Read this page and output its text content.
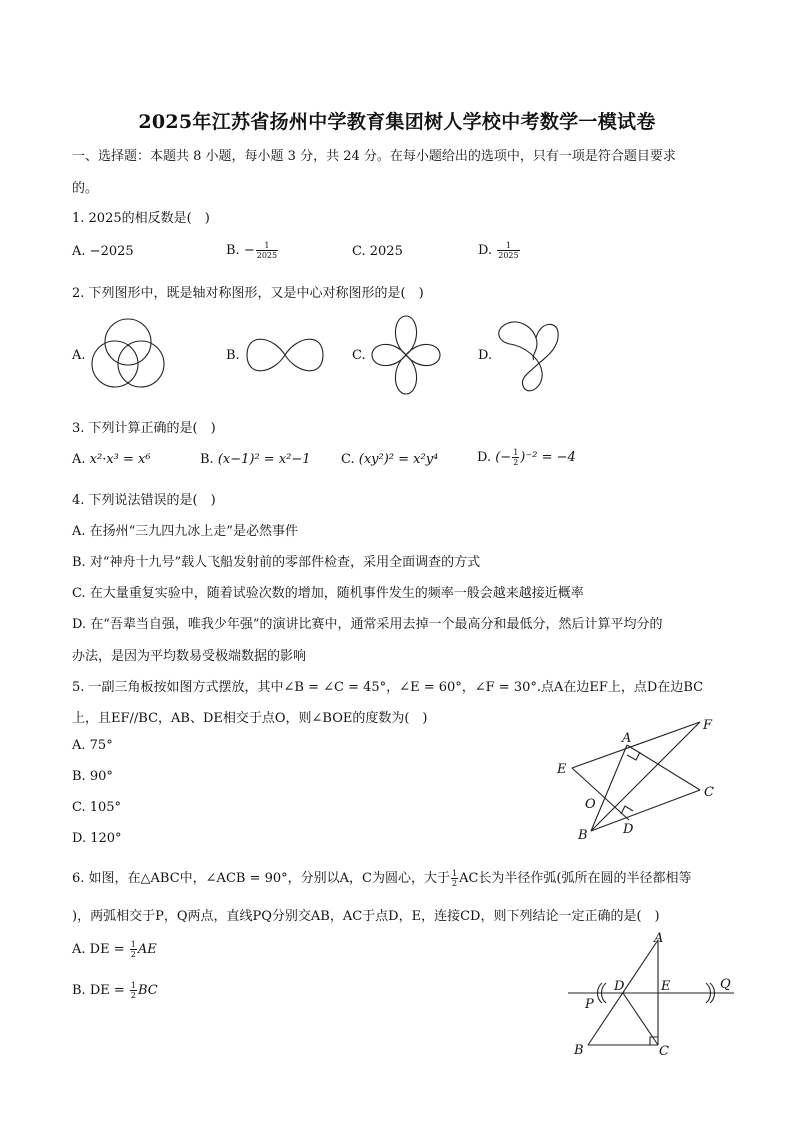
2025年江苏省扬州中学教育集团树人学校中考数学一模试卷
一、选择题：本题共 8 小题，每小题 3 分，共 24 分。在每小题给出的选项中，只有一项是符合题目要求
的。
1. 2025的相反数是(　)
A. −2025	B. − $\frac{1}{2025}$	C. 2025	D. $\frac{1}{2025}$
2. 下列图形中，既是轴对称图形，又是中心对称图形的是(　)
A.	B.	C.	D.
3. 下列计算正确的是(　)
A. x²·x³ = x⁶	B. (x−1)² = x²−1 C. (xy²)² = x²y⁴	D. (− $\frac{1}{2} )^{-2} = -4$
4. 下列说法错误的是(　)
A. 在扬州“三九四九冰上走”是必然事件
B. 对“神舟十九号”载人飞船发射前的零部件检查，采用全面调查的方式
C. 在大量重复实验中，随着试验次数的增加，随机事件发生的频率一般会越来越接近概率
D. 在“吾辈当自强，唯我少年强”的演讲比赛中，通常采用去掉一个最高分和最低分，然后计算平均分的
办法，是因为平均数易受极端数据的影响
5. 一副三角板按如图方式摆放，其中∠B = ∠C = 45°，∠E = 60°，∠F = 30°.点A在边EF上，点D在边BC
上，且EF//BC，AB、DE相交于点O，则∠BOE的度数为(　)
A. 75°
B. 90°
C. 105°
D. 120°
A
B
C
D
E
F
O
6. 如图，在△ABC中，∠ACB = 90°，分别以A，C为圆心，大于 $\frac{1}{2}$ AC长为半径作弧(弧所在圆的半径都相等
)，两弧相交于P，Q两点，直线PQ分别交AB，AC于点D，E，连接CD，则下列结论一定正确的是(　)
A. DE = $\frac{1}{2}$ AE
B. DE = $\frac{1}{2}$ BC
A
B	C
D	E
P
Q
